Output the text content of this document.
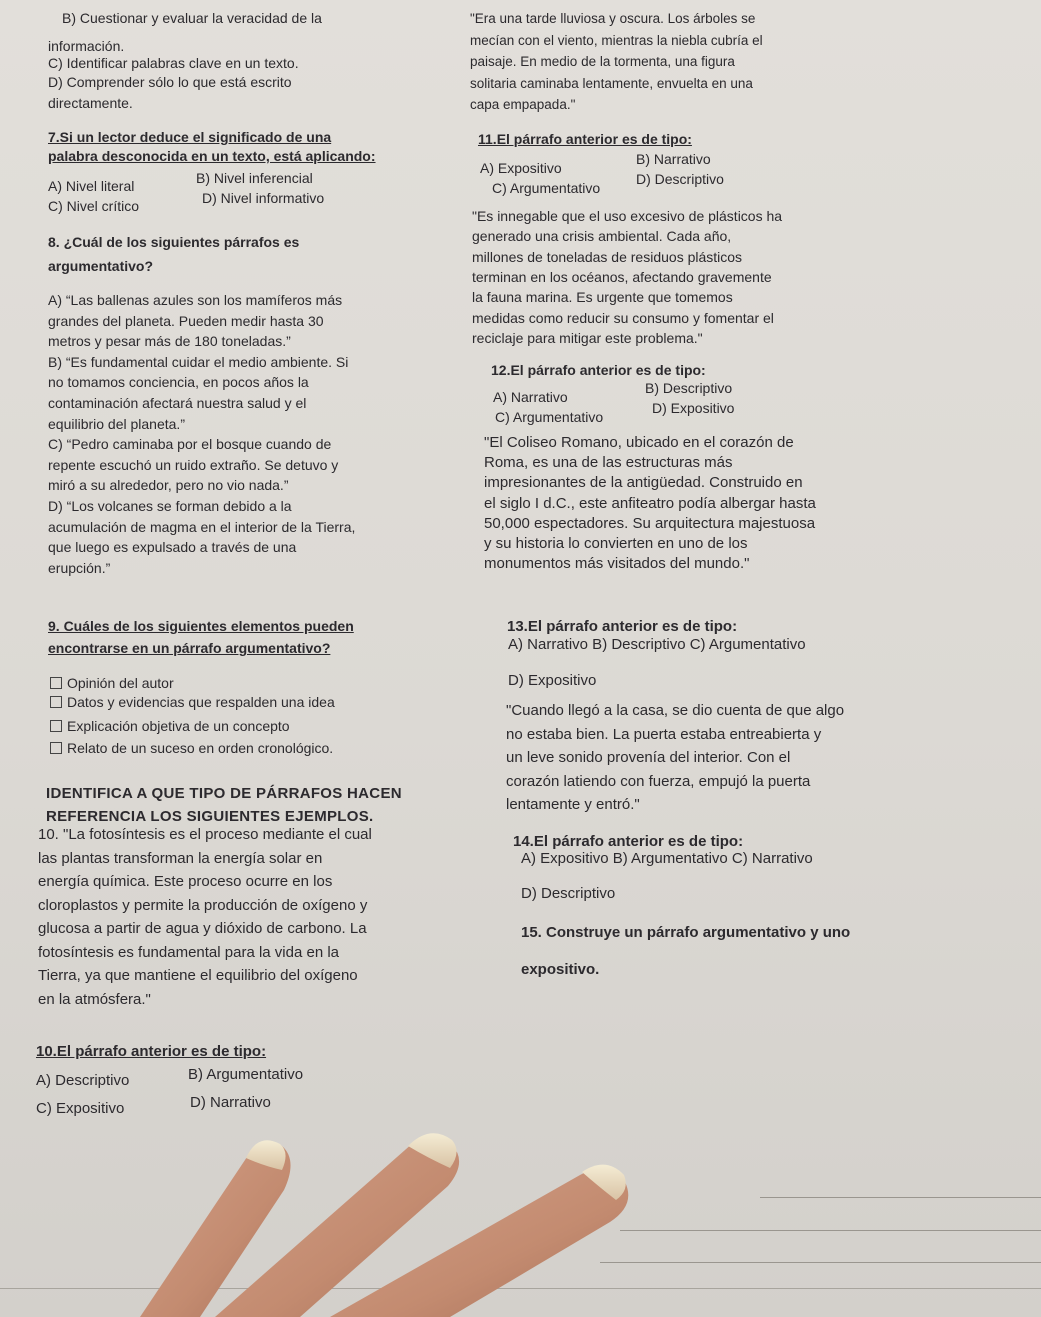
B) Cuestionar y evaluar la veracidad de la
información.
C) Identificar palabras clave en un texto.
D) Comprender sólo lo que está escrito
directamente.
7.Si un lector deduce el significado de una
palabra desconocida en un texto, está aplicando:
A) Nivel literal	B) Nivel inferencial
C) Nivel crítico	D) Nivel informativo
8. ¿Cuál de los siguientes párrafos es
argumentativo?
A) “Las ballenas azules son los mamíferos más
grandes del planeta. Pueden medir hasta 30
metros y pesar más de 180 toneladas.”
B) “Es fundamental cuidar el medio ambiente. Si
no tomamos conciencia, en pocos años la
contaminación afectará nuestra salud y el
equilibrio del planeta.”
C) “Pedro caminaba por el bosque cuando de
repente escuchó un ruido extraño. Se detuvo y
miró a su alrededor, pero no vio nada.”
D) “Los volcanes se forman debido a la
acumulación de magma en el interior de la Tierra,
que luego es expulsado a través de una
erupción.”
9. Cuáles de los siguientes elementos pueden
encontrarse en un párrafo argumentativo?
Opinión del autor
Datos y evidencias que respalden una idea
Explicación objetiva de un concepto
Relato de un suceso en orden cronológico.
IDENTIFICA A QUE TIPO DE PÁRRAFOS HACEN
REFERENCIA LOS SIGUIENTES EJEMPLOS.
10. "La fotosíntesis es el proceso mediante el cual
las plantas transforman la energía solar en
energía química. Este proceso ocurre en los
cloroplastos y permite la producción de oxígeno y
glucosa a partir de agua y dióxido de carbono. La
fotosíntesis es fundamental para la vida en la
Tierra, ya que mantiene el equilibrio del oxígeno
en la atmósfera."
10.El párrafo anterior es de tipo:
A) Descriptivo	B) Argumentativo
C) Expositivo	D) Narrativo
"Era una tarde lluviosa y oscura. Los árboles se
mecían con el viento, mientras la niebla cubría el
paisaje. En medio de la tormenta, una figura
solitaria caminaba lentamente, envuelta en una
capa empapada."
11.El párrafo anterior es de tipo:
A) Expositivo
B) Narrativo
C) Argumentativo
D) Descriptivo
"Es innegable que el uso excesivo de plásticos ha
generado una crisis ambiental. Cada año,
millones de toneladas de residuos plásticos
terminan en los océanos, afectando gravemente
la fauna marina. Es urgente que tomemos
medidas como reducir su consumo y fomentar el
reciclaje para mitigar este problema."
12.El párrafo anterior es de tipo:
A) Narrativo
B) Descriptivo
C) Argumentativo
D) Expositivo
"El Coliseo Romano, ubicado en el corazón de
Roma, es una de las estructuras más
impresionantes de la antigüedad. Construido en
el siglo I d.C., este anfiteatro podía albergar hasta
50,000 espectadores. Su arquitectura majestuosa
y su historia lo convierten en uno de los
monumentos más visitados del mundo."
13.El párrafo anterior es de tipo:
A) Narrativo B) Descriptivo C) Argumentativo
D) Expositivo
"Cuando llegó a la casa, se dio cuenta de que algo
no estaba bien. La puerta estaba entreabierta y
un leve sonido provenía del interior. Con el
corazón latiendo con fuerza, empujó la puerta
lentamente y entró."
14.El párrafo anterior es de tipo:
A) Expositivo B) Argumentativo C) Narrativo
D) Descriptivo
15. Construye un párrafo argumentativo y uno
expositivo.
